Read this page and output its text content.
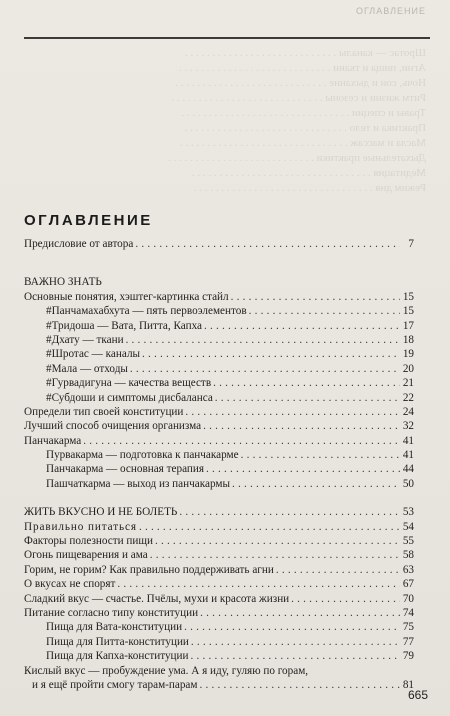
ОГЛАВЛЕНИЕ
Шротас — каналы . . . . . . . . . . . . . . . . . . . . . . . . . . . .
Агни, пища и ткани . . . . . . . . . . . . . . . . . . . . . . . . . . . .
Ночь, сон и дыхание . . . . . . . . . . . . . . . . . . . . . . . . . . . .
Ритм жизни и сезоны . . . . . . . . . . . . . . . . . . . . . . . . . . . .
Травы и специи . . . . . . . . . . . . . . . . . . . . . . . . . . . . . . .
Практика и тело . . . . . . . . . . . . . . . . . . . . . . . . . . . . . .
Масла и массаж . . . . . . . . . . . . . . . . . . . . . . . . . . . . . . .
Дыхательные практики . . . . . . . . . . . . . . . . . . . . . . . . . . .
Медитация . . . . . . . . . . . . . . . . . . . . . . . . . . . . . . . . .
Режим дня . . . . . . . . . . . . . . . . . . . . . . . . . . . . . . . . .
ОГЛАВЛЕНИЕ
Предисловие от автора . . .	7
ВАЖНО ЗНАТЬ
Основные понятия, хэштег-картинка стайл . . .	15
#Панчамахабхута — пять первоэлементов . . .	15
#Тридоша — Вата, Питта, Капха . . .	17
#Дхату — ткани . . .	18
#Шротас — каналы . . .	19
#Мала — отходы . . .	20
#Гурвадигуна — качества веществ . . .	21
#Субдоши и симптомы дисбаланса . . .	22
Определи тип своей конституции . . .	24
Лучший способ очищения организма . . .	32
Панчакарма . . .	41
Пурвакарма — подготовка к панчакарме . . .	41
Панчакарма — основная терапия . . .	44
Пашчаткарма — выход из панчакармы . . .	50
ЖИТЬ ВКУСНО И НЕ БОЛЕТЬ . . .	53
Правильно питаться . . .	54
Факторы полезности пищи . . .	55
Огонь пищеварения и ама . . .	58
Горим, не горим? Как правильно поддерживать агни . . .	63
О вкусах не спорят . . .	67
Сладкий вкус — счастье. Пчёлы, мухи и красота жизни . . .	70
Питание согласно типу конституции . . .	74
Пища для Вата-конституции . . .	75
Пища для Питта-конституции . . .	77
Пища для Капха-конституции . . .	79
Кислый вкус — пробуждение ума. А я иду, гуляю по горам,
и я ещё пройти смогу тарам-парам . . .	81
665
